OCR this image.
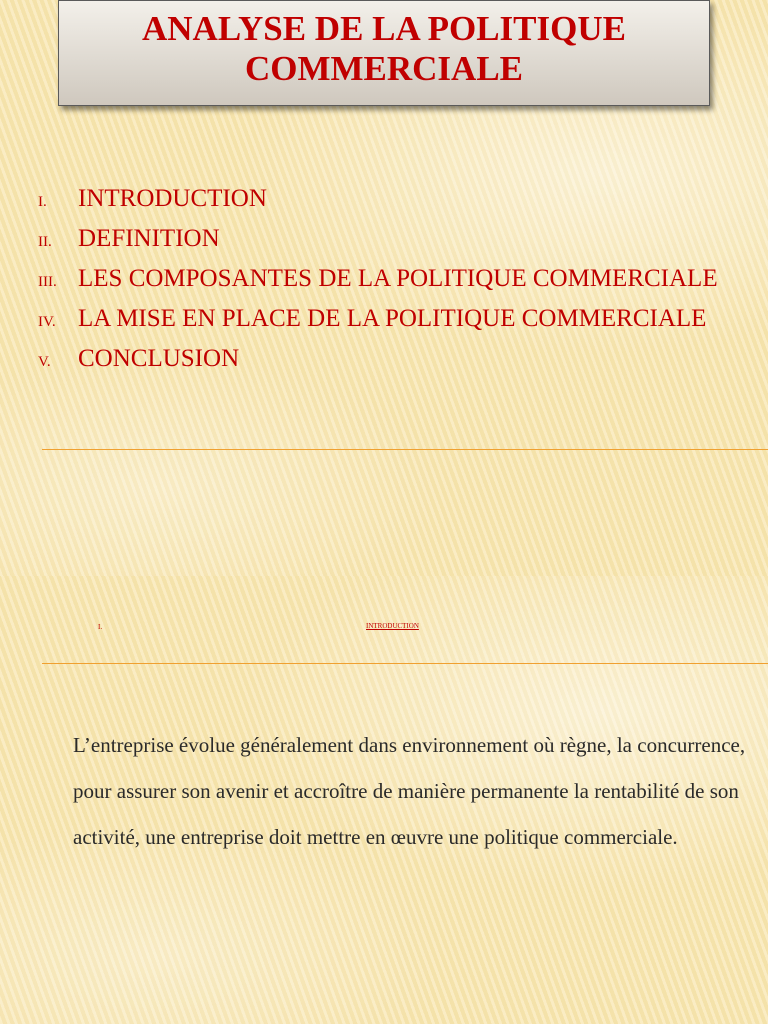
ANALYSE DE LA POLITIQUE COMMERCIALE
I. INTRODUCTION
II. DEFINITION
III. LES COMPOSANTES DE LA POLITIQUE COMMERCIALE
IV. LA MISE EN PLACE DE LA POLITIQUE COMMERCIALE
V. CONCLUSION
I.	INTRODUCTION

L’entreprise évolue généralement dans environnement où règne, la concurrence, pour assurer son avenir et accroître de manière permanente la rentabilité de son activité, une entreprise doit mettre en œuvre une politique commerciale.
